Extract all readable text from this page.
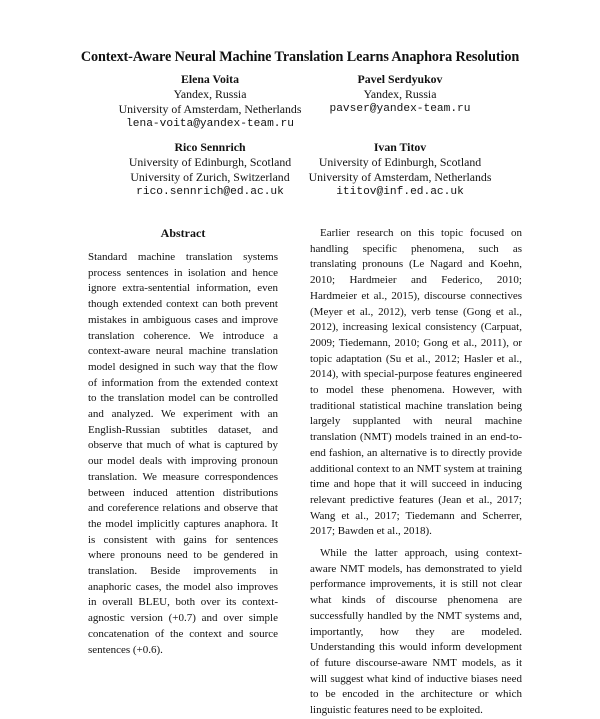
Context-Aware Neural Machine Translation Learns Anaphora Resolution
Elena Voita
Yandex, Russia
University of Amsterdam, Netherlands
lena-voita@yandex-team.ru
Pavel Serdyukov
Yandex, Russia
pavser@yandex-team.ru
Rico Sennrich
University of Edinburgh, Scotland
University of Zurich, Switzerland
rico.sennrich@ed.ac.uk
Ivan Titov
University of Edinburgh, Scotland
University of Amsterdam, Netherlands
ititov@inf.ed.ac.uk
Abstract

Standard machine translation systems process sentences in isolation and hence ignore extra-sentential information, even though extended context can both prevent mistakes in ambiguous cases and improve translation coherence. We introduce a context-aware neural machine translation model designed in such way that the flow of information from the extended context to the translation model can be controlled and analyzed. We experiment with an English-Russian subtitles dataset, and observe that much of what is captured by our model deals with improving pronoun translation. We measure correspondences between induced attention distributions and coreference relations and observe that the model implicitly captures anaphora. It is consistent with gains for sentences where pronouns need to be gendered in translation. Beside improvements in anaphoric cases, the model also improves in overall BLEU, both over its context-agnostic version (+0.7) and over simple concatenation of the context and source sentences (+0.6).

Earlier research on this topic focused on handling specific phenomena, such as translating pronouns (Le Nagard and Koehn, 2010; Hardmeier and Federico, 2010; Hardmeier et al., 2015), discourse connectives (Meyer et al., 2012), verb tense (Gong et al., 2012), increasing lexical consistency (Carpuat, 2009; Tiedemann, 2010; Gong et al., 2011), or topic adaptation (Su et al., 2012; Hasler et al., 2014), with special-purpose features engineered to model these phenomena. However, with traditional statistical machine translation being largely supplanted with neural machine translation (NMT) models trained in an end-to-end fashion, an alternative is to directly provide additional context to an NMT system at training time and hope that it will succeed in inducing relevant predictive features (Jean et al., 2017; Wang et al., 2017; Tiedemann and Scherrer, 2017; Bawden et al., 2018).

While the latter approach, using context-aware NMT models, has demonstrated to yield performance improvements, it is still not clear what kinds of discourse phenomena are successfully handled by the NMT systems and, importantly, how they are modeled. Understanding this would inform development of future discourse-aware NMT models, as it will suggest what kind of inductive biases need to be encoded in the architecture or which linguistic features need to be exploited.
